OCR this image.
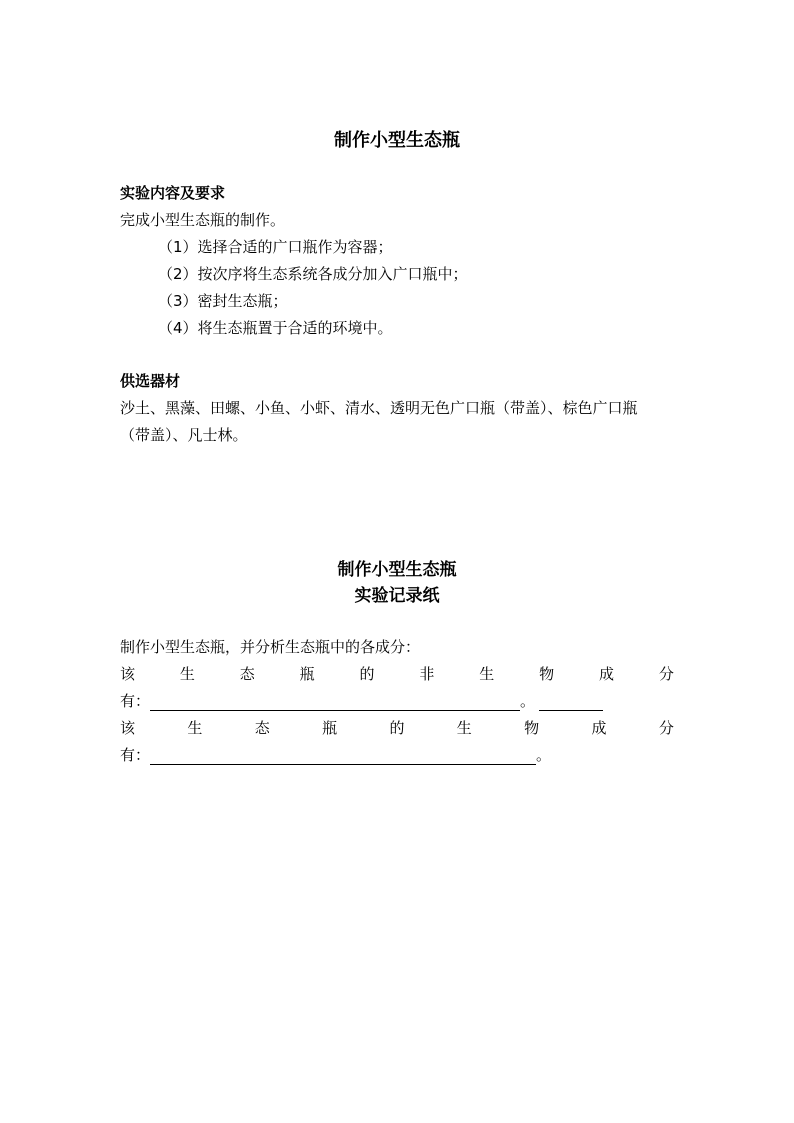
制作小型生态瓶
实验内容及要求
完成小型生态瓶的制作。
（1）选择合适的广口瓶作为容器；
（2）按次序将生态系统各成分加入广口瓶中；
（3）密封生态瓶；
（4）将生态瓶置于合适的环境中。
供选器材
沙土、黑藻、田螺、小鱼、小虾、清水、透明无色广口瓶（带盖）、棕色广口瓶
（带盖）、凡士林。
制作小型生态瓶
实验记录纸
制作小型生态瓶，并分析生态瓶中的各成分：
该	生	态	瓶	的	非	生	物	成	分
有：	。
该	生	态	瓶	的	生	物	成	分
有：	。
